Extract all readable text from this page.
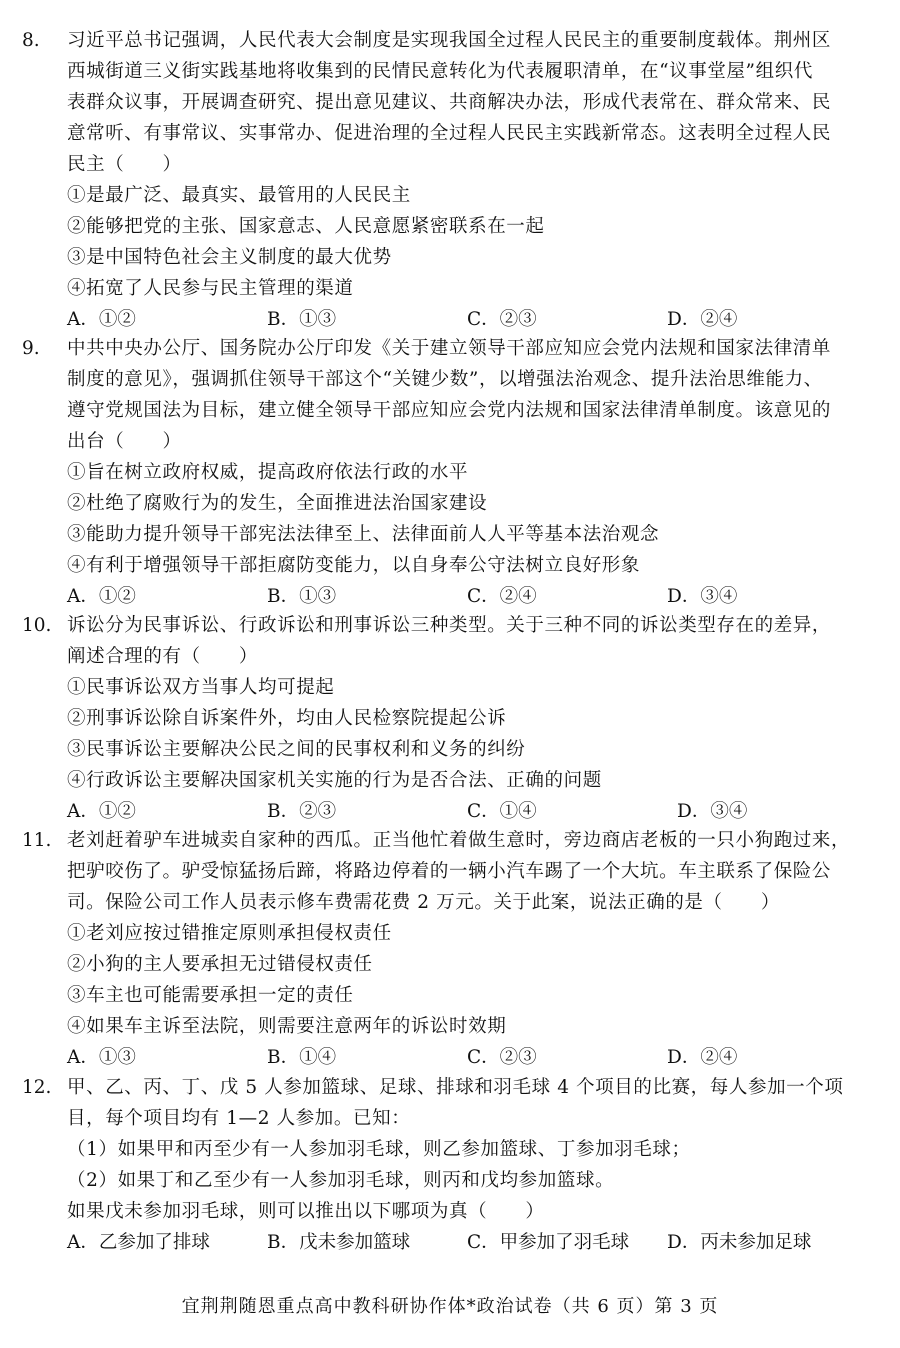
8. 习近平总书记强调，人民代表大会制度是实现我国全过程人民民主的重要制度载体。荆州区
西城街道三义街实践基地将收集到的民情民意转化为代表履职清单，在“议事堂屋”组织代
表群众议事，开展调查研究、提出意见建议、共商解决办法，形成代表常在、群众常来、民
意常听、有事常议、实事常办、促进治理的全过程人民民主实践新常态。这表明全过程人民
民主（　　）
①是最广泛、最真实、最管用的人民民主
②能够把党的主张、国家意志、人民意愿紧密联系在一起
③是中国特色社会主义制度的最大优势
④拓宽了人民参与民主管理的渠道
A．①②	B．①③	C．②③	D．②④
9. 中共中央办公厅、国务院办公厅印发《关于建立领导干部应知应会党内法规和国家法律清单
制度的意见》，强调抓住领导干部这个“关键少数”，以增强法治观念、提升法治思维能力、
遵守党规国法为目标，建立健全领导干部应知应会党内法规和国家法律清单制度。该意见的
出台（　　）
①旨在树立政府权威，提高政府依法行政的水平
②杜绝了腐败行为的发生，全面推进法治国家建设
③能助力提升领导干部宪法法律至上、法律面前人人平等基本法治观念
④有利于增强领导干部拒腐防变能力，以自身奉公守法树立良好形象
A．①②	B．①③	C．②④	D．③④
10. 诉讼分为民事诉讼、行政诉讼和刑事诉讼三种类型。关于三种不同的诉讼类型存在的差异，
阐述合理的有（　　）
①民事诉讼双方当事人均可提起
②刑事诉讼除自诉案件外，均由人民检察院提起公诉
③民事诉讼主要解决公民之间的民事权利和义务的纠纷
④行政诉讼主要解决国家机关实施的行为是否合法、正确的问题
A．①②	B．②③	C．①④	D．③④
11. 老刘赶着驴车进城卖自家种的西瓜。正当他忙着做生意时，旁边商店老板的一只小狗跑过来，
把驴咬伤了。驴受惊猛扬后蹄，将路边停着的一辆小汽车踢了一个大坑。车主联系了保险公
司。保险公司工作人员表示修车费需花费 2 万元。关于此案，说法正确的是（　　）
①老刘应按过错推定原则承担侵权责任
②小狗的主人要承担无过错侵权责任
③车主也可能需要承担一定的责任
④如果车主诉至法院，则需要注意两年的诉讼时效期
A．①③	B．①④	C．②③	D．②④
12. 甲、乙、丙、丁、戊 5 人参加篮球、足球、排球和羽毛球 4 个项目的比赛，每人参加一个项
目，每个项目均有 1—2 人参加。已知：
（1）如果甲和丙至少有一人参加羽毛球，则乙参加篮球、丁参加羽毛球；
（2）如果丁和乙至少有一人参加羽毛球，则丙和戊均参加篮球。
如果戊未参加羽毛球，则可以推出以下哪项为真（　　）
A．乙参加了排球	B．戊未参加篮球	C．甲参加了羽毛球 D．丙未参加足球
宜荆荆随恩重点高中教科研协作体*政治试卷（共 6 页）第 3 页
